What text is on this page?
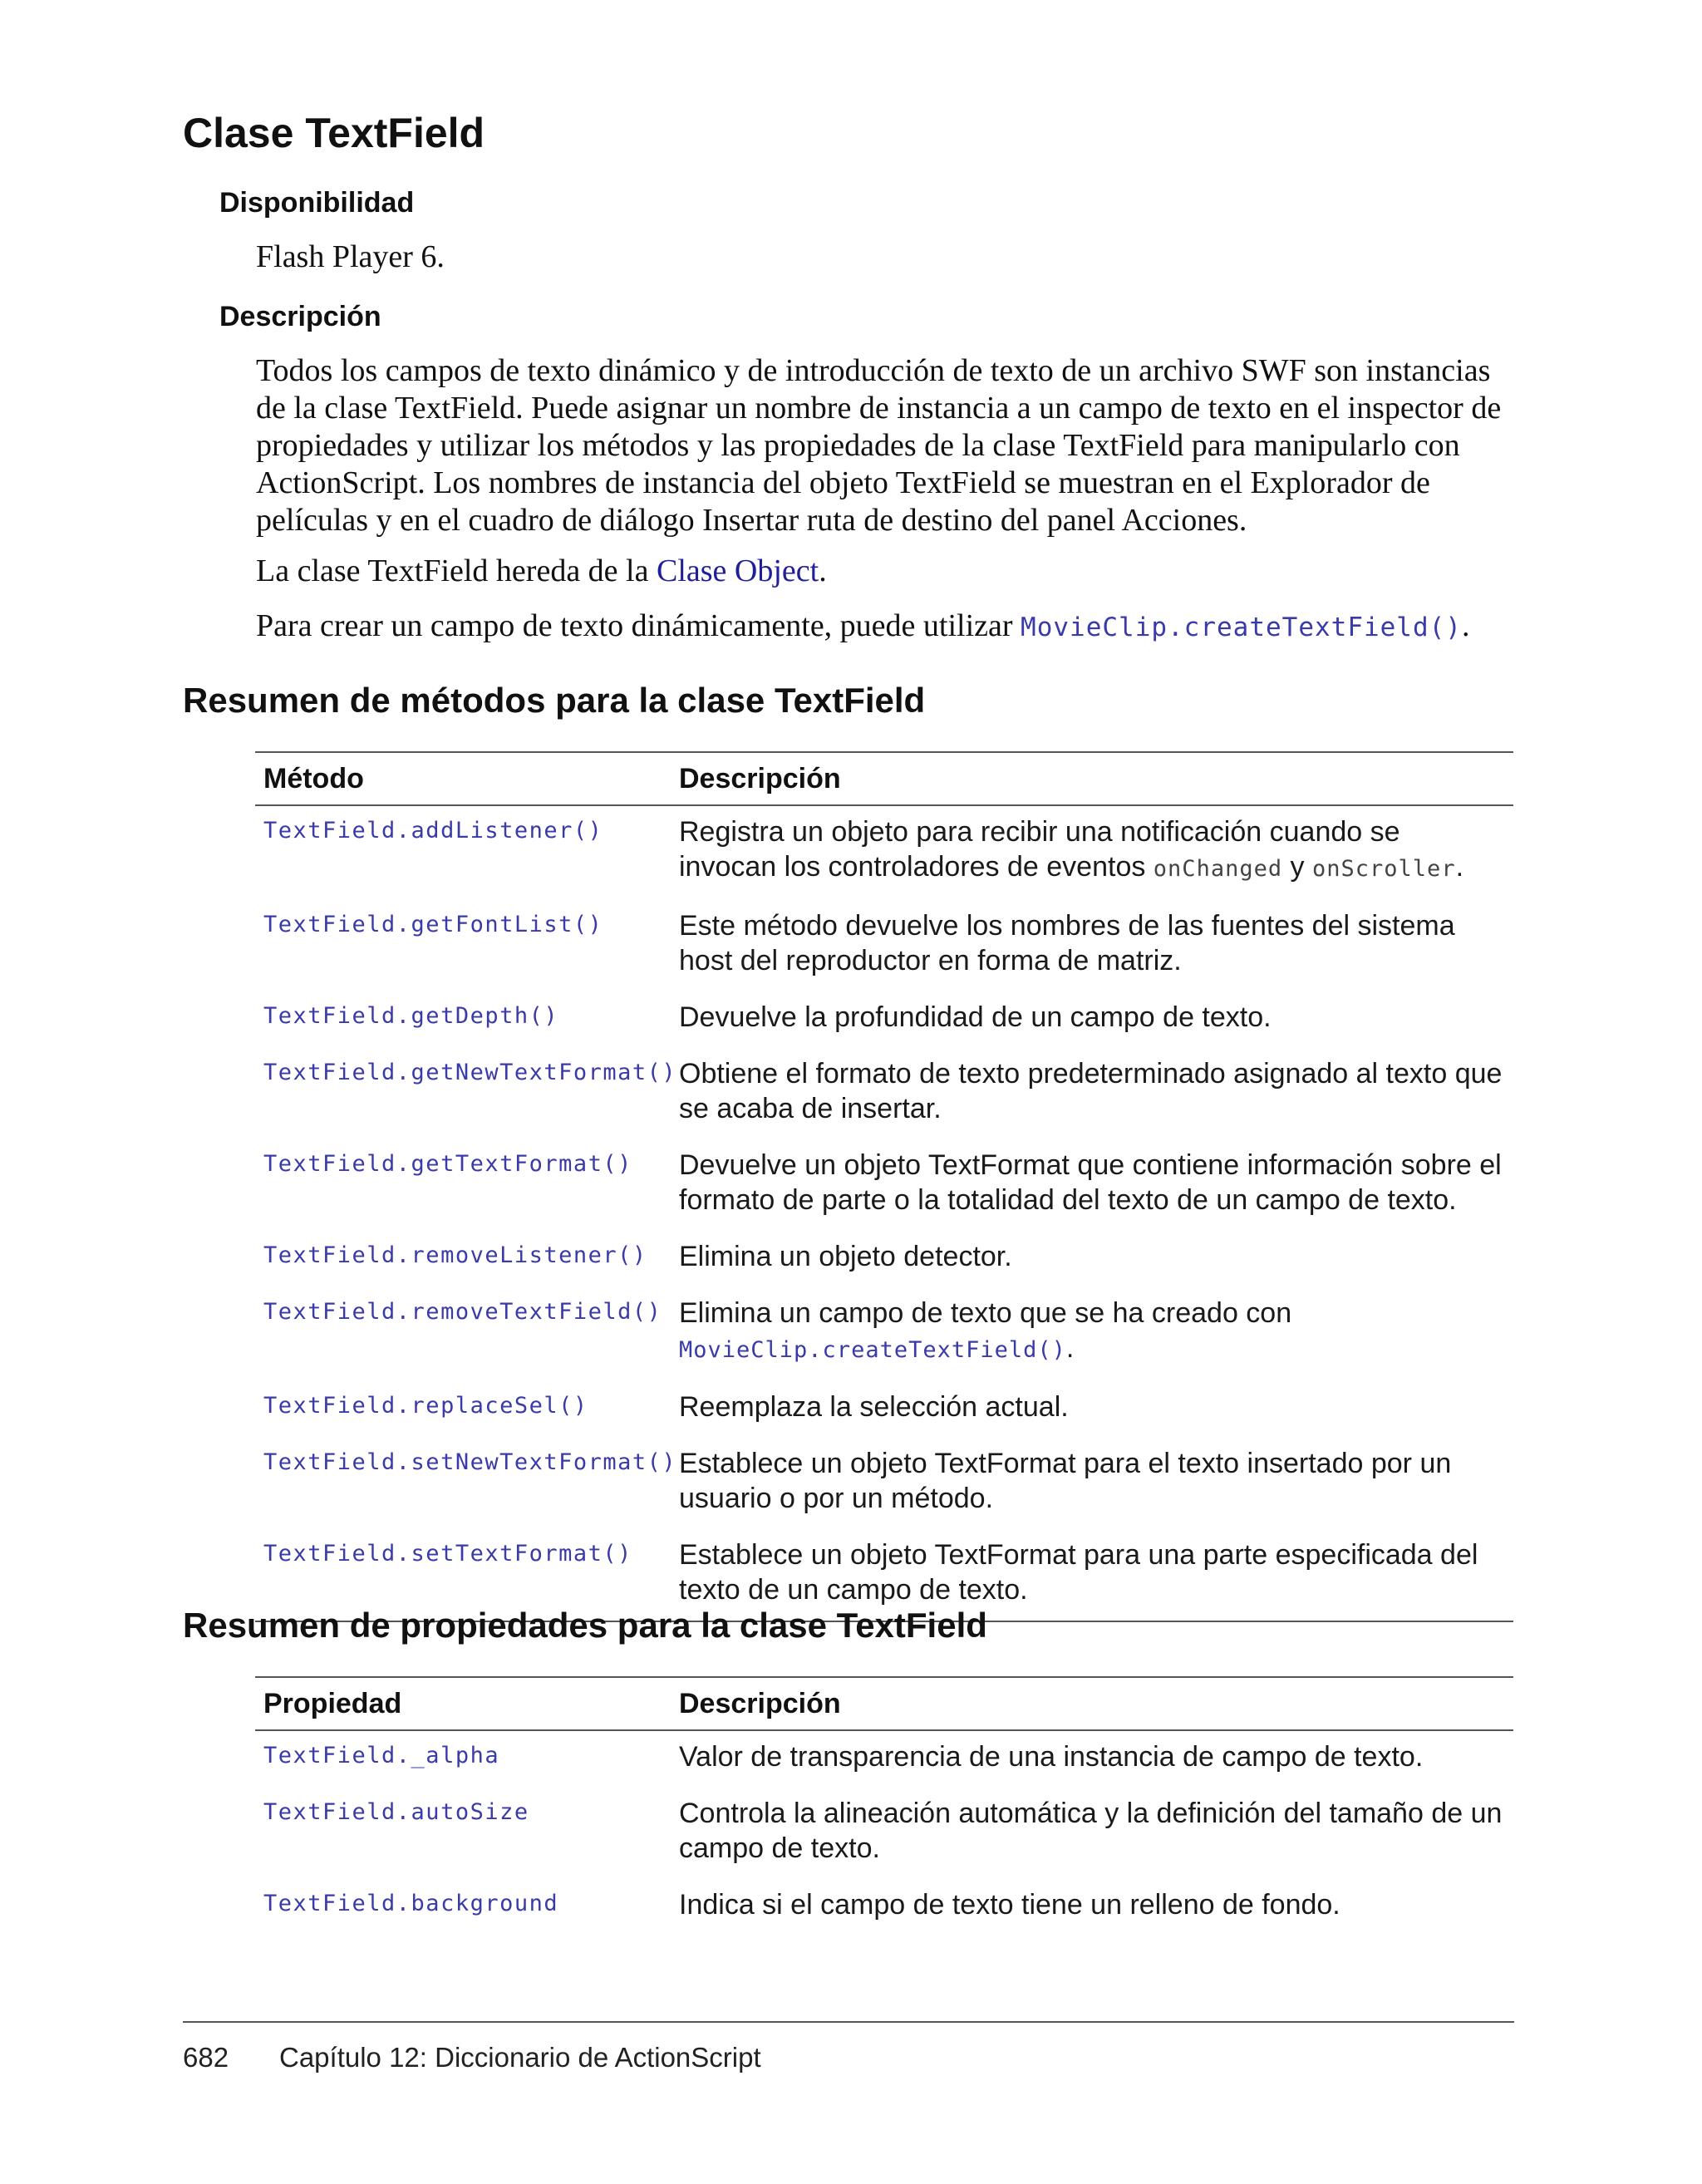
Clase TextField
Disponibilidad

Flash Player 6.

Descripción

Todos los campos de texto dinámico y de introducción de texto de un archivo SWF son instancias de la clase TextField. Puede asignar un nombre de instancia a un campo de texto en el inspector de propiedades y utilizar los métodos y las propiedades de la clase TextField para manipularlo con ActionScript. Los nombres de instancia del objeto TextField se muestran en el Explorador de películas y en el cuadro de diálogo Insertar ruta de destino del panel Acciones.

La clase TextField hereda de la Clase Object.

Para crear un campo de texto dinámicamente, puede utilizar MovieClip.createTextField().

Resumen de métodos para la clase TextField
Método	Descripción
TextField.addListener()	Registra un objeto para recibir una notificación cuando se invocan los controladores de eventos onChanged y onScroller.
TextField.getFontList()	Este método devuelve los nombres de las fuentes del sistema host del reproductor en forma de matriz.
TextField.getDepth()	Devuelve la profundidad de un campo de texto.
TextField.getNewTextFormat()	Obtiene el formato de texto predeterminado asignado al texto que se acaba de insertar.
TextField.getTextFormat()	Devuelve un objeto TextFormat que contiene información sobre el formato de parte o la totalidad del texto de un campo de texto.
TextField.removeListener()	Elimina un objeto detector.
TextField.removeTextField()	Elimina un campo de texto que se ha creado con MovieClip.createTextField().
TextField.replaceSel()	Reemplaza la selección actual.
TextField.setNewTextFormat()	Establece un objeto TextFormat para el texto insertado por un usuario o por un método.
TextField.setTextFormat()	Establece un objeto TextFormat para una parte especificada del texto de un campo de texto.
Resumen de propiedades para la clase TextField
Propiedad	Descripción
TextField._alpha	Valor de transparencia de una instancia de campo de texto.
TextField.autoSize	Controla la alineación automática y la definición del tamaño de un campo de texto.
TextField.background	Indica si el campo de texto tiene un relleno de fondo.
682 Capítulo 12: Diccionario de ActionScript
